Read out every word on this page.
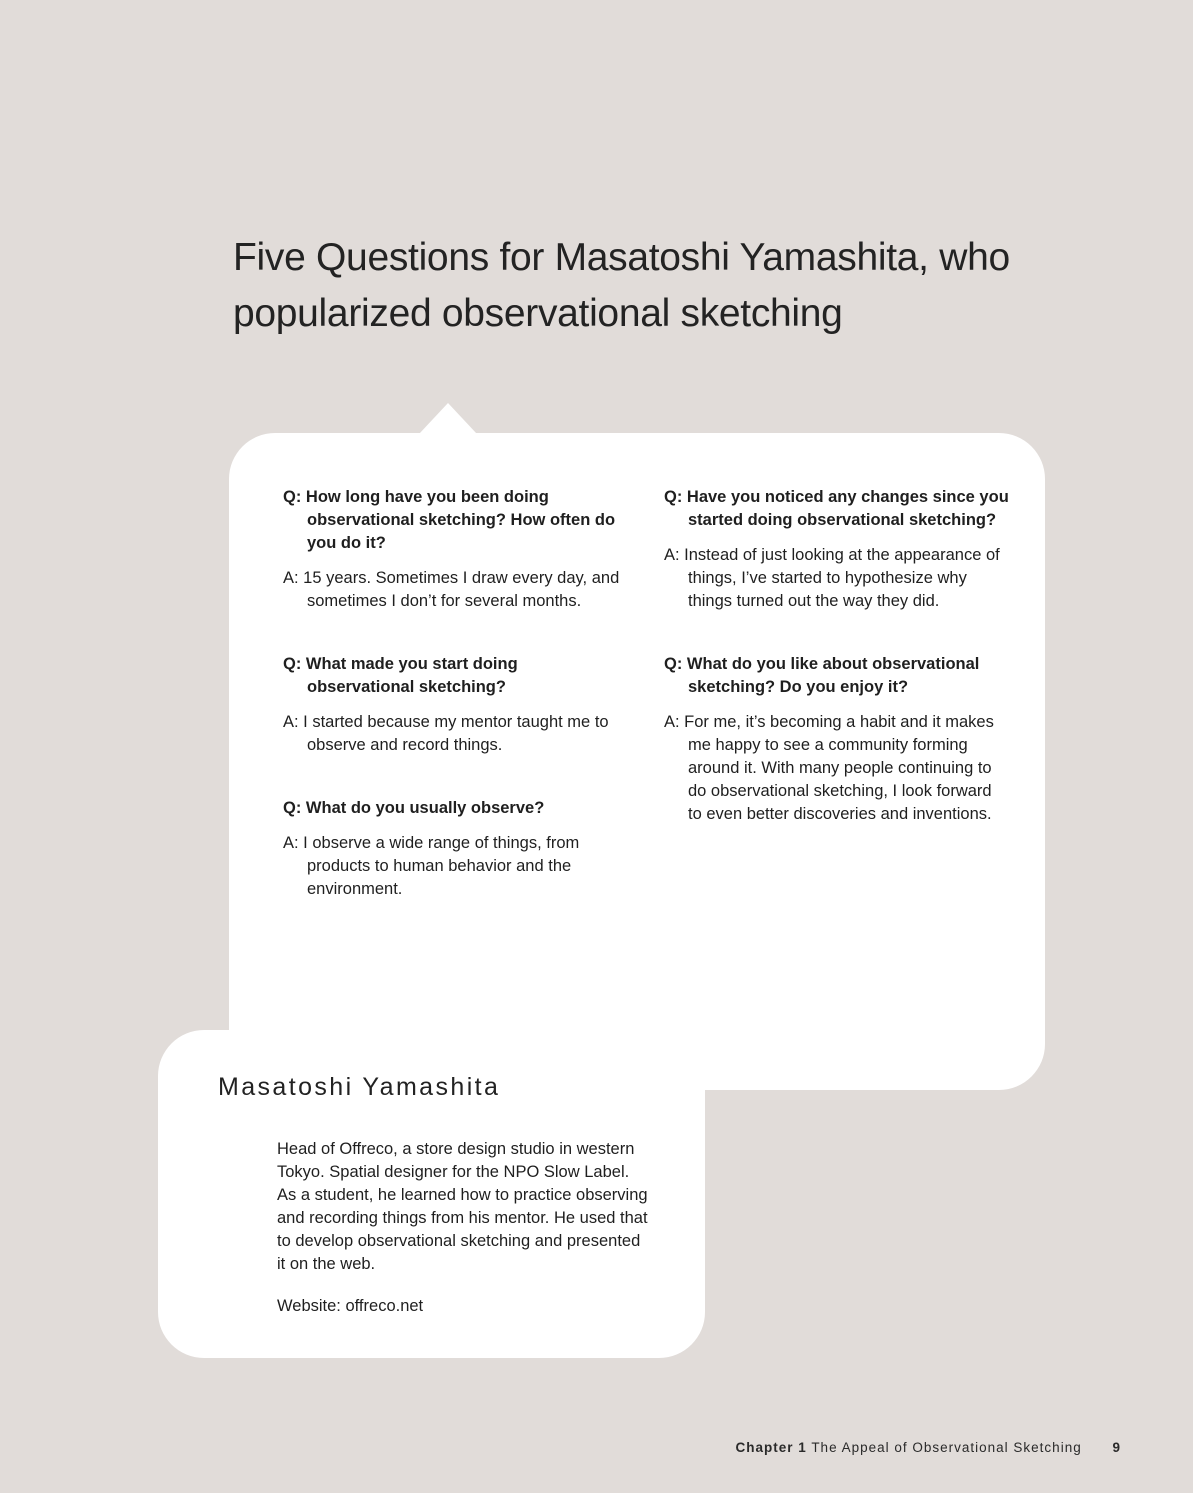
Five Questions for Masatoshi Yamashita, who
popularized observational sketching

Q: How long have you been doing observational sketching? How often do you do it?

A: 15 years. Sometimes I draw every day, and sometimes I don’t for several months.

Q: What made you start doing observational sketching?

A: I started because my mentor taught me to observe and record things.

Q: What do you usually observe?

A: I observe a wide range of things, from products to human behavior and the environment.

Q: Have you noticed any changes since you started doing observational sketching?

A: Instead of just looking at the appearance of things, I’ve started to hypothesize why things turned out the way they did.

Q: What do you like about observational sketching? Do you enjoy it?

A: For me, it’s becoming a habit and it makes me happy to see a community forming around it. With many people continuing to do observational sketching, I look forward to even better discoveries and inventions.

Masatoshi Yamashita

Head of Offreco, a store design studio in western Tokyo. Spatial designer for the NPO Slow Label. As a student, he learned how to practice observing and recording things from his mentor. He used that to develop observational sketching and presented it on the web.

Website: offreco.net

Chapter 1 The Appeal of Observational Sketching 9
